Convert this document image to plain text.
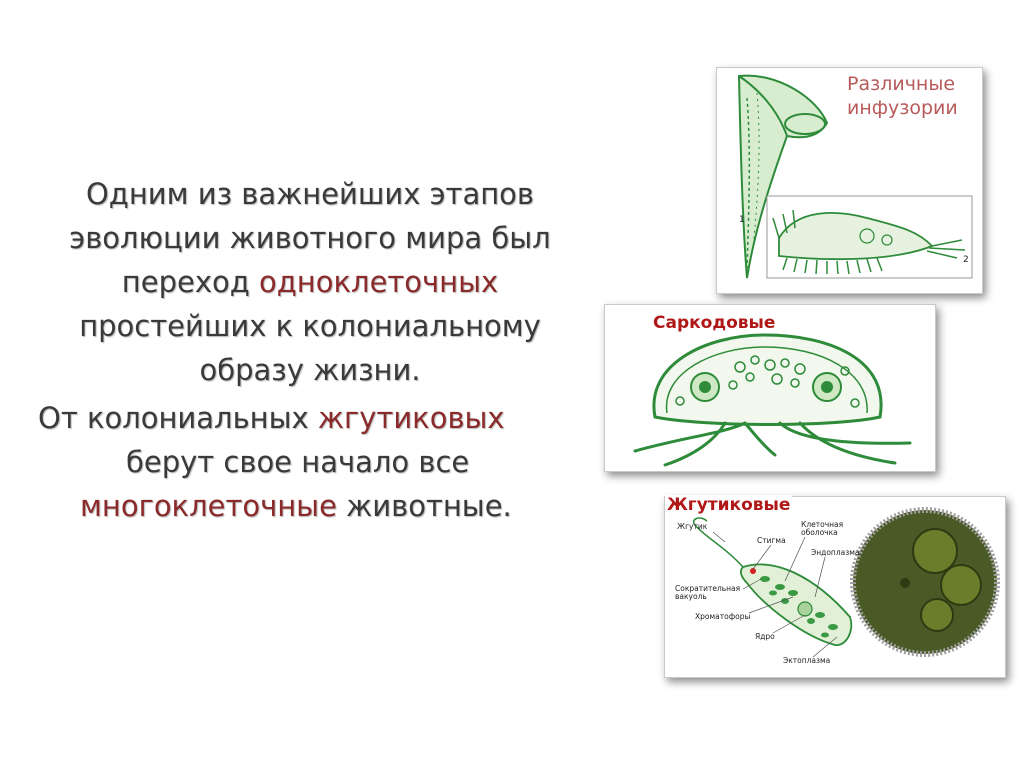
Одним из важнейших этапов
эволюции животного мира был
переход одноклеточных
простейших к колониальному
образу жизни.
От колониальных жгутиковых
берут свое начало все
многоклеточные животные.
Различные
инфузории
1
2
Саркодовые
Жгутиковые
Жгутик
Стигма
Клеточная
оболочка
Эндоплазма
Сократительная
вакуоль
Хроматофоры
Ядро
Эктоплазма
